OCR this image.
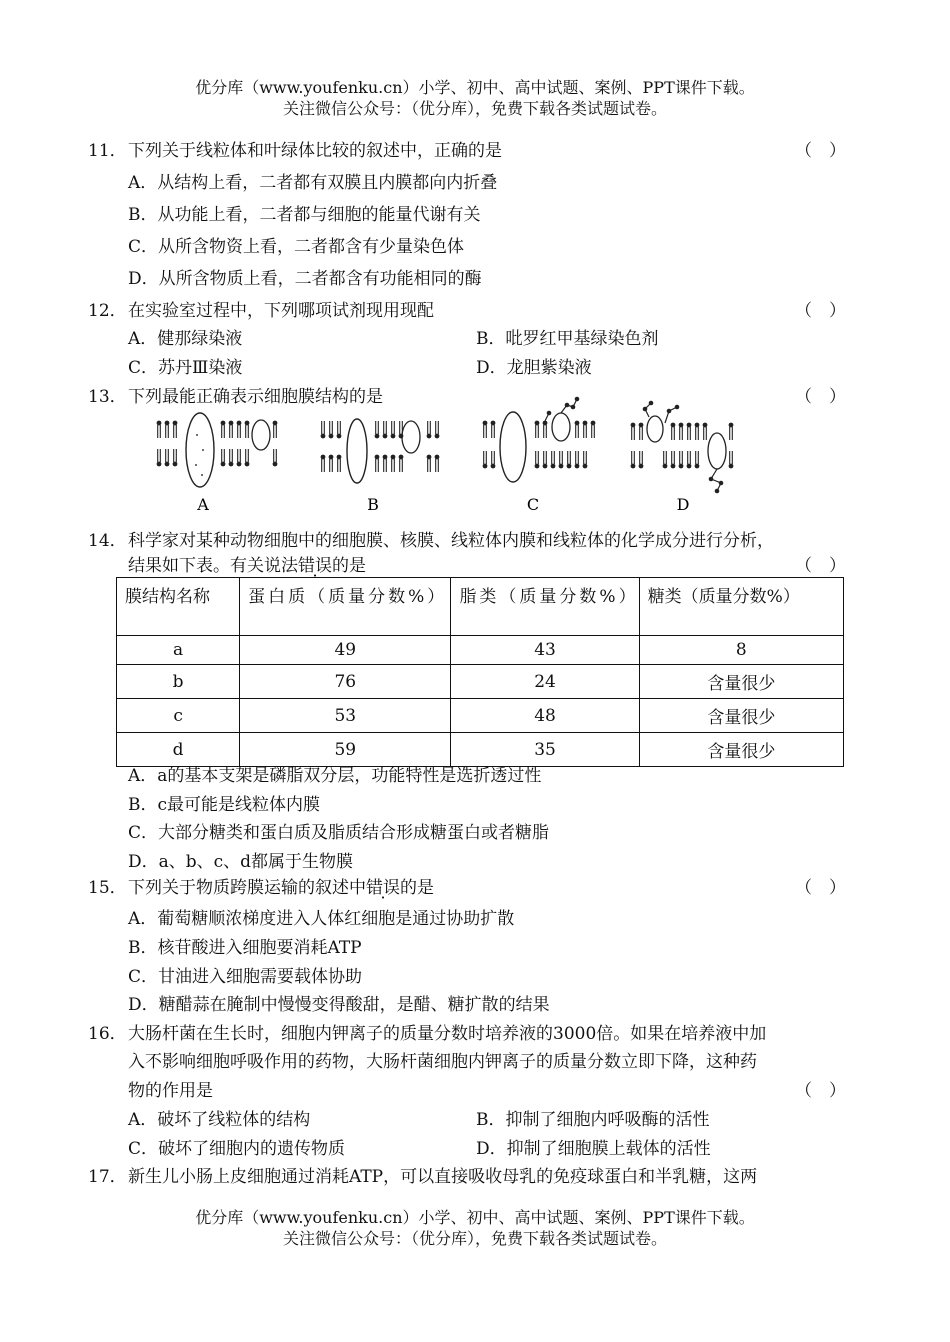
优分库（www.youfenku.cn）小学、初中、高中试题、案例、PPT课件下载。
关注微信公众号：（优分库），免费下载各类试题试卷。
11． 下列关于线粒体和叶绿体比较的叙述中，正确的是	（　）
A．从结构上看，二者都有双膜且内膜都向内折叠
B．从功能上看，二者都与细胞的能量代谢有关
C．从所含物资上看，二者都含有少量染色体
D．从所含物质上看，二者都含有功能相同的酶
12． 在实验室过程中，下列哪项试剂现用现配	（　）
A．健那绿染液	B．吡罗红甲基绿染色剂
C．苏丹Ⅲ染液	D．龙胆紫染液
13． 下列最能正确表示细胞膜结构的是	（　）
A	B	C	D
14． 科学家对某种动物细胞中的细胞膜、核膜、线粒体内膜和线粒体的化学成分进行分析，
结果如下表。有关说法错误的是	（　）
膜结构名称	蛋白质（质量分数%）	脂类（质量分数%）	糖类（质量分数%）
a	49	43	8
b	76	24	含量很少
c	53	48	含量很少
d	59	35	含量很少
A．a的基本支架是磷脂双分层，功能特性是选折透过性
B．c最可能是线粒体内膜
C．大部分糖类和蛋白质及脂质结合形成糖蛋白或者糖脂
D．a、b、c、d都属于生物膜
15． 下列关于物质跨膜运输的叙述中错误的是	（　）
A．葡萄糖顺浓梯度进入人体红细胞是通过协助扩散
B．核苷酸进入细胞要消耗ATP
C．甘油进入细胞需要载体协助
D．糖醋蒜在腌制中慢慢变得酸甜，是醋、糖扩散的结果
16． 大肠杆菌在生长时，细胞内钾离子的质量分数时培养液的3000倍。如果在培养液中加
入不影响细胞呼吸作用的药物，大肠杆菌细胞内钾离子的质量分数立即下降，这种药
物的作用是	（　）
A．破坏了线粒体的结构	B．抑制了细胞内呼吸酶的活性
C．破坏了细胞内的遗传物质	D．抑制了细胞膜上载体的活性
17． 新生儿小肠上皮细胞通过消耗ATP，可以直接吸收母乳的免疫球蛋白和半乳糖，这两
优分库（www.youfenku.cn）小学、初中、高中试题、案例、PPT课件下载。
关注微信公众号：（优分库），免费下载各类试题试卷。
